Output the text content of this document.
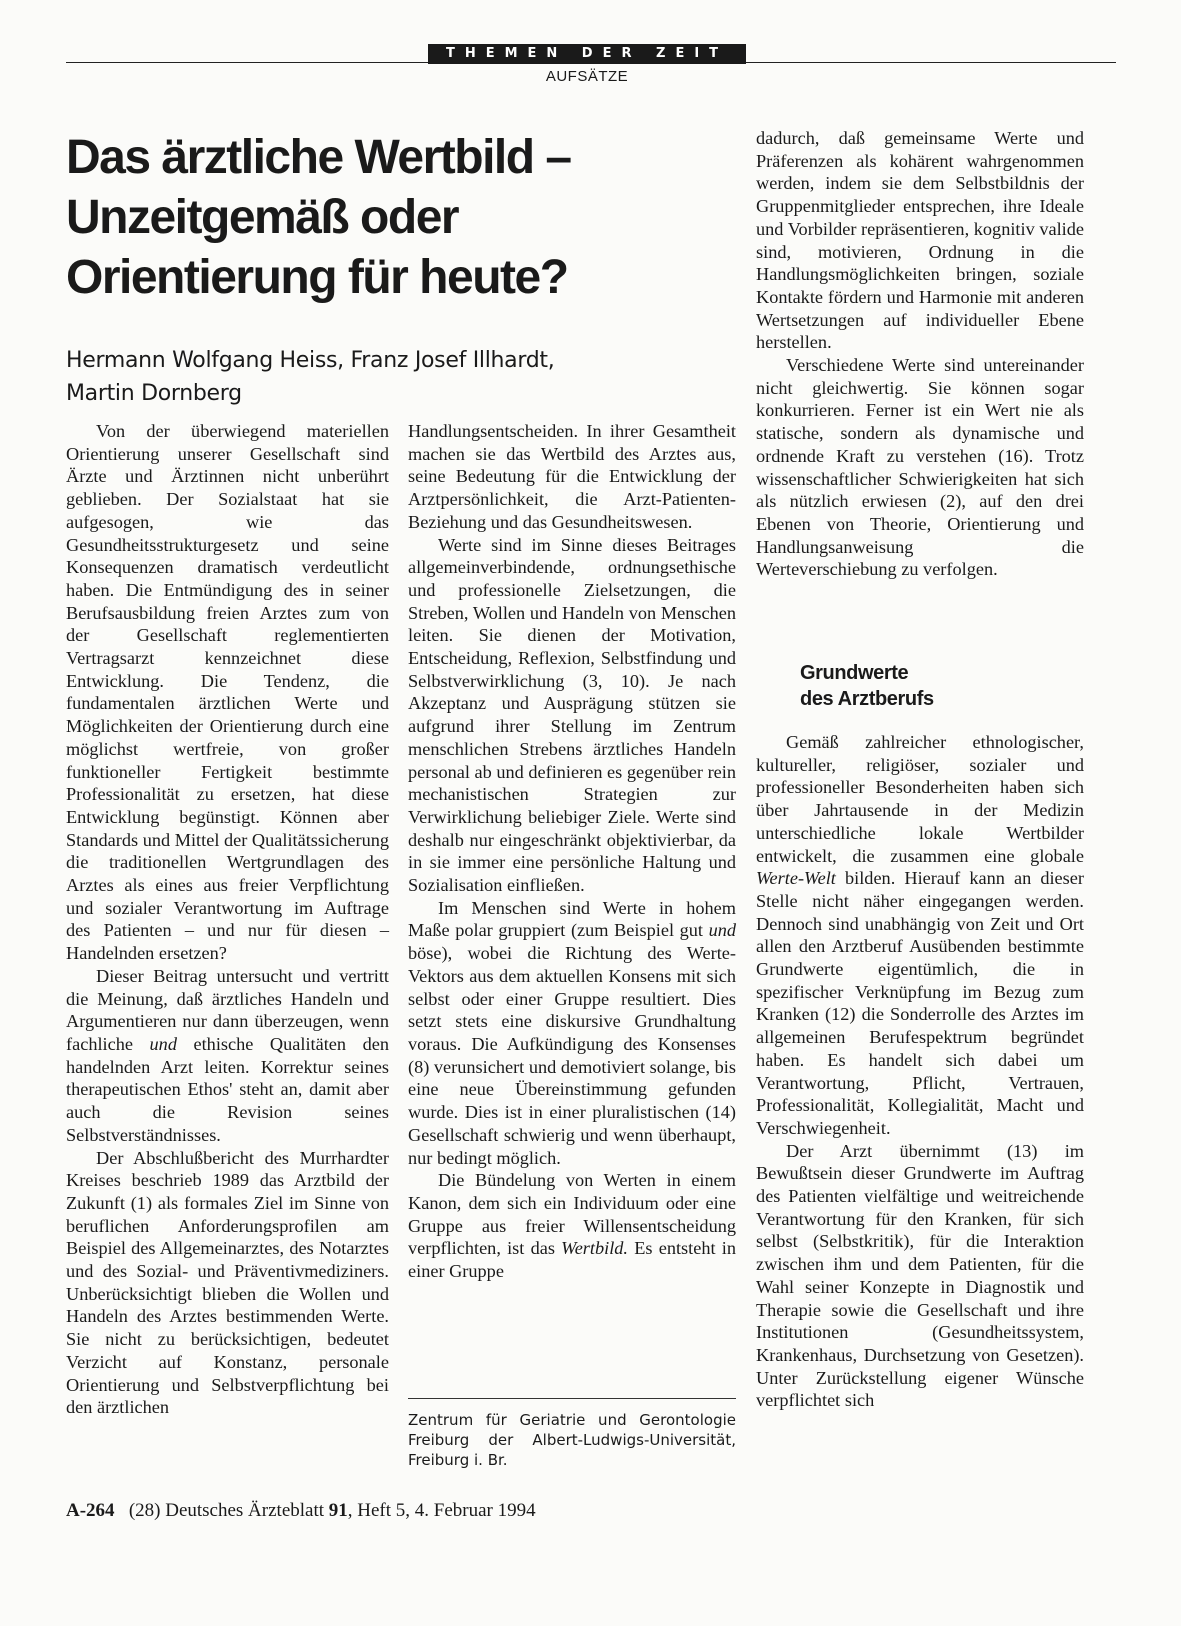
THEMEN DER ZEIT
AUFSÄTZE
Das ärztliche Wertbild –
Unzeitgemäß oder
Orientierung für heute?
Hermann Wolfgang Heiss, Franz Josef Illhardt,
Martin Dornberg

Von der überwiegend materiellen Orientierung unserer Gesellschaft sind Ärzte und Ärztinnen nicht unberührt geblieben. Der Sozialstaat hat sie aufgesogen, wie das Gesundheitsstrukturgesetz und seine Konsequenzen dramatisch verdeutlicht haben. Die Entmündigung des in seiner Berufsausbildung freien Arztes zum von der Gesellschaft reglementierten Vertragsarzt kennzeichnet diese Entwicklung. Die Tendenz, die fundamentalen ärztlichen Werte und Möglichkeiten der Orientierung durch eine möglichst wertfreie, von großer funktioneller Fertigkeit bestimmte Professionalität zu ersetzen, hat diese Entwicklung begünstigt. Können aber Standards und Mittel der Qualitätssicherung die traditionellen Wertgrundlagen des Arztes als eines aus freier Verpflichtung und sozialer Verantwortung im Auftrage des Patienten – und nur für diesen – Handelnden ersetzen?

Dieser Beitrag untersucht und vertritt die Meinung, daß ärztliches Handeln und Argumentieren nur dann überzeugen, wenn fachliche und ethische Qualitäten den handelnden Arzt leiten. Korrektur seines therapeutischen Ethos' steht an, damit aber auch die Revision seines Selbstverständnisses.

Der Abschlußbericht des Murrhardter Kreises beschrieb 1989 das Arztbild der Zukunft (1) als formales Ziel im Sinne von beruflichen Anforderungsprofilen am Beispiel des Allgemeinarztes, des Notarztes und des Sozial- und Präventivmediziners. Unberücksichtigt blieben die Wollen und Handeln des Arztes bestimmenden Werte. Sie nicht zu berücksichtigen, bedeutet Verzicht auf Konstanz, personale Orientierung und Selbstverpflichtung bei den ärztlichen

Handlungsentscheiden. In ihrer Gesamtheit machen sie das Wertbild des Arztes aus, seine Bedeutung für die Entwicklung der Arztpersönlichkeit, die Arzt-Patienten-Beziehung und das Gesundheitswesen.

Werte sind im Sinne dieses Beitrages allgemeinverbindende, ordnungsethische und professionelle Zielsetzungen, die Streben, Wollen und Handeln von Menschen leiten. Sie dienen der Motivation, Entscheidung, Reflexion, Selbstfindung und Selbstverwirklichung (3, 10). Je nach Akzeptanz und Ausprägung stützen sie aufgrund ihrer Stellung im Zentrum menschlichen Strebens ärztliches Handeln personal ab und definieren es gegenüber rein mechanistischen Strategien zur Verwirklichung beliebiger Ziele. Werte sind deshalb nur eingeschränkt objektivierbar, da in sie immer eine persönliche Haltung und Sozialisation einfließen.

Im Menschen sind Werte in hohem Maße polar gruppiert (zum Beispiel gut und böse), wobei die Richtung des Werte-Vektors aus dem aktuellen Konsens mit sich selbst oder einer Gruppe resultiert. Dies setzt stets eine diskursive Grundhaltung voraus. Die Aufkündigung des Konsenses (8) verunsichert und demotiviert solange, bis eine neue Übereinstimmung gefunden wurde. Dies ist in einer pluralistischen (14) Gesellschaft schwierig und wenn überhaupt, nur bedingt möglich.

Die Bündelung von Werten in einem Kanon, dem sich ein Individuum oder eine Gruppe aus freier Willensentscheidung verpflichten, ist das Wertbild. Es entsteht in einer Gruppe

Zentrum für Geriatrie und Gerontologie Freiburg der Albert-Ludwigs-Universität, Freiburg i. Br.

dadurch, daß gemeinsame Werte und Präferenzen als kohärent wahrgenommen werden, indem sie dem Selbstbildnis der Gruppenmitglieder entsprechen, ihre Ideale und Vorbilder repräsentieren, kognitiv valide sind, motivieren, Ordnung in die Handlungsmöglichkeiten bringen, soziale Kontakte fördern und Harmonie mit anderen Wertsetzungen auf individueller Ebene herstellen.

Verschiedene Werte sind untereinander nicht gleichwertig. Sie können sogar konkurrieren. Ferner ist ein Wert nie als statische, sondern als dynamische und ordnende Kraft zu verstehen (16). Trotz wissenschaftlicher Schwierigkeiten hat sich als nützlich erwiesen (2), auf den drei Ebenen von Theorie, Orientierung und Handlungsanweisung die Werteverschiebung zu verfolgen.

Grundwerte
des Arztberufs

Gemäß zahlreicher ethnologischer, kultureller, religiöser, sozialer und professioneller Besonderheiten haben sich über Jahrtausende in der Medizin unterschiedliche lokale Wertbilder entwickelt, die zusammen eine globale Werte-Welt bilden. Hierauf kann an dieser Stelle nicht näher eingegangen werden. Dennoch sind unabhängig von Zeit und Ort allen den Arztberuf Ausübenden bestimmte Grundwerte eigentümlich, die in spezifischer Verknüpfung im Bezug zum Kranken (12) die Sonderrolle des Arztes im allgemeinen Berufespektrum begründet haben. Es handelt sich dabei um Verantwortung, Pflicht, Vertrauen, Professionalität, Kollegialität, Macht und Verschwiegenheit.

Der Arzt übernimmt (13) im Bewußtsein dieser Grundwerte im Auftrag des Patienten vielfältige und weitreichende Verantwortung für den Kranken, für sich selbst (Selbstkritik), für die Interaktion zwischen ihm und dem Patienten, für die Wahl seiner Konzepte in Diagnostik und Therapie sowie die Gesellschaft und ihre Institutionen (Gesundheitssystem, Krankenhaus, Durchsetzung von Gesetzen). Unter Zurückstellung eigener Wünsche verpflichtet sich

A-264 (28) Deutsches Ärzteblatt 91, Heft 5, 4. Februar 1994
